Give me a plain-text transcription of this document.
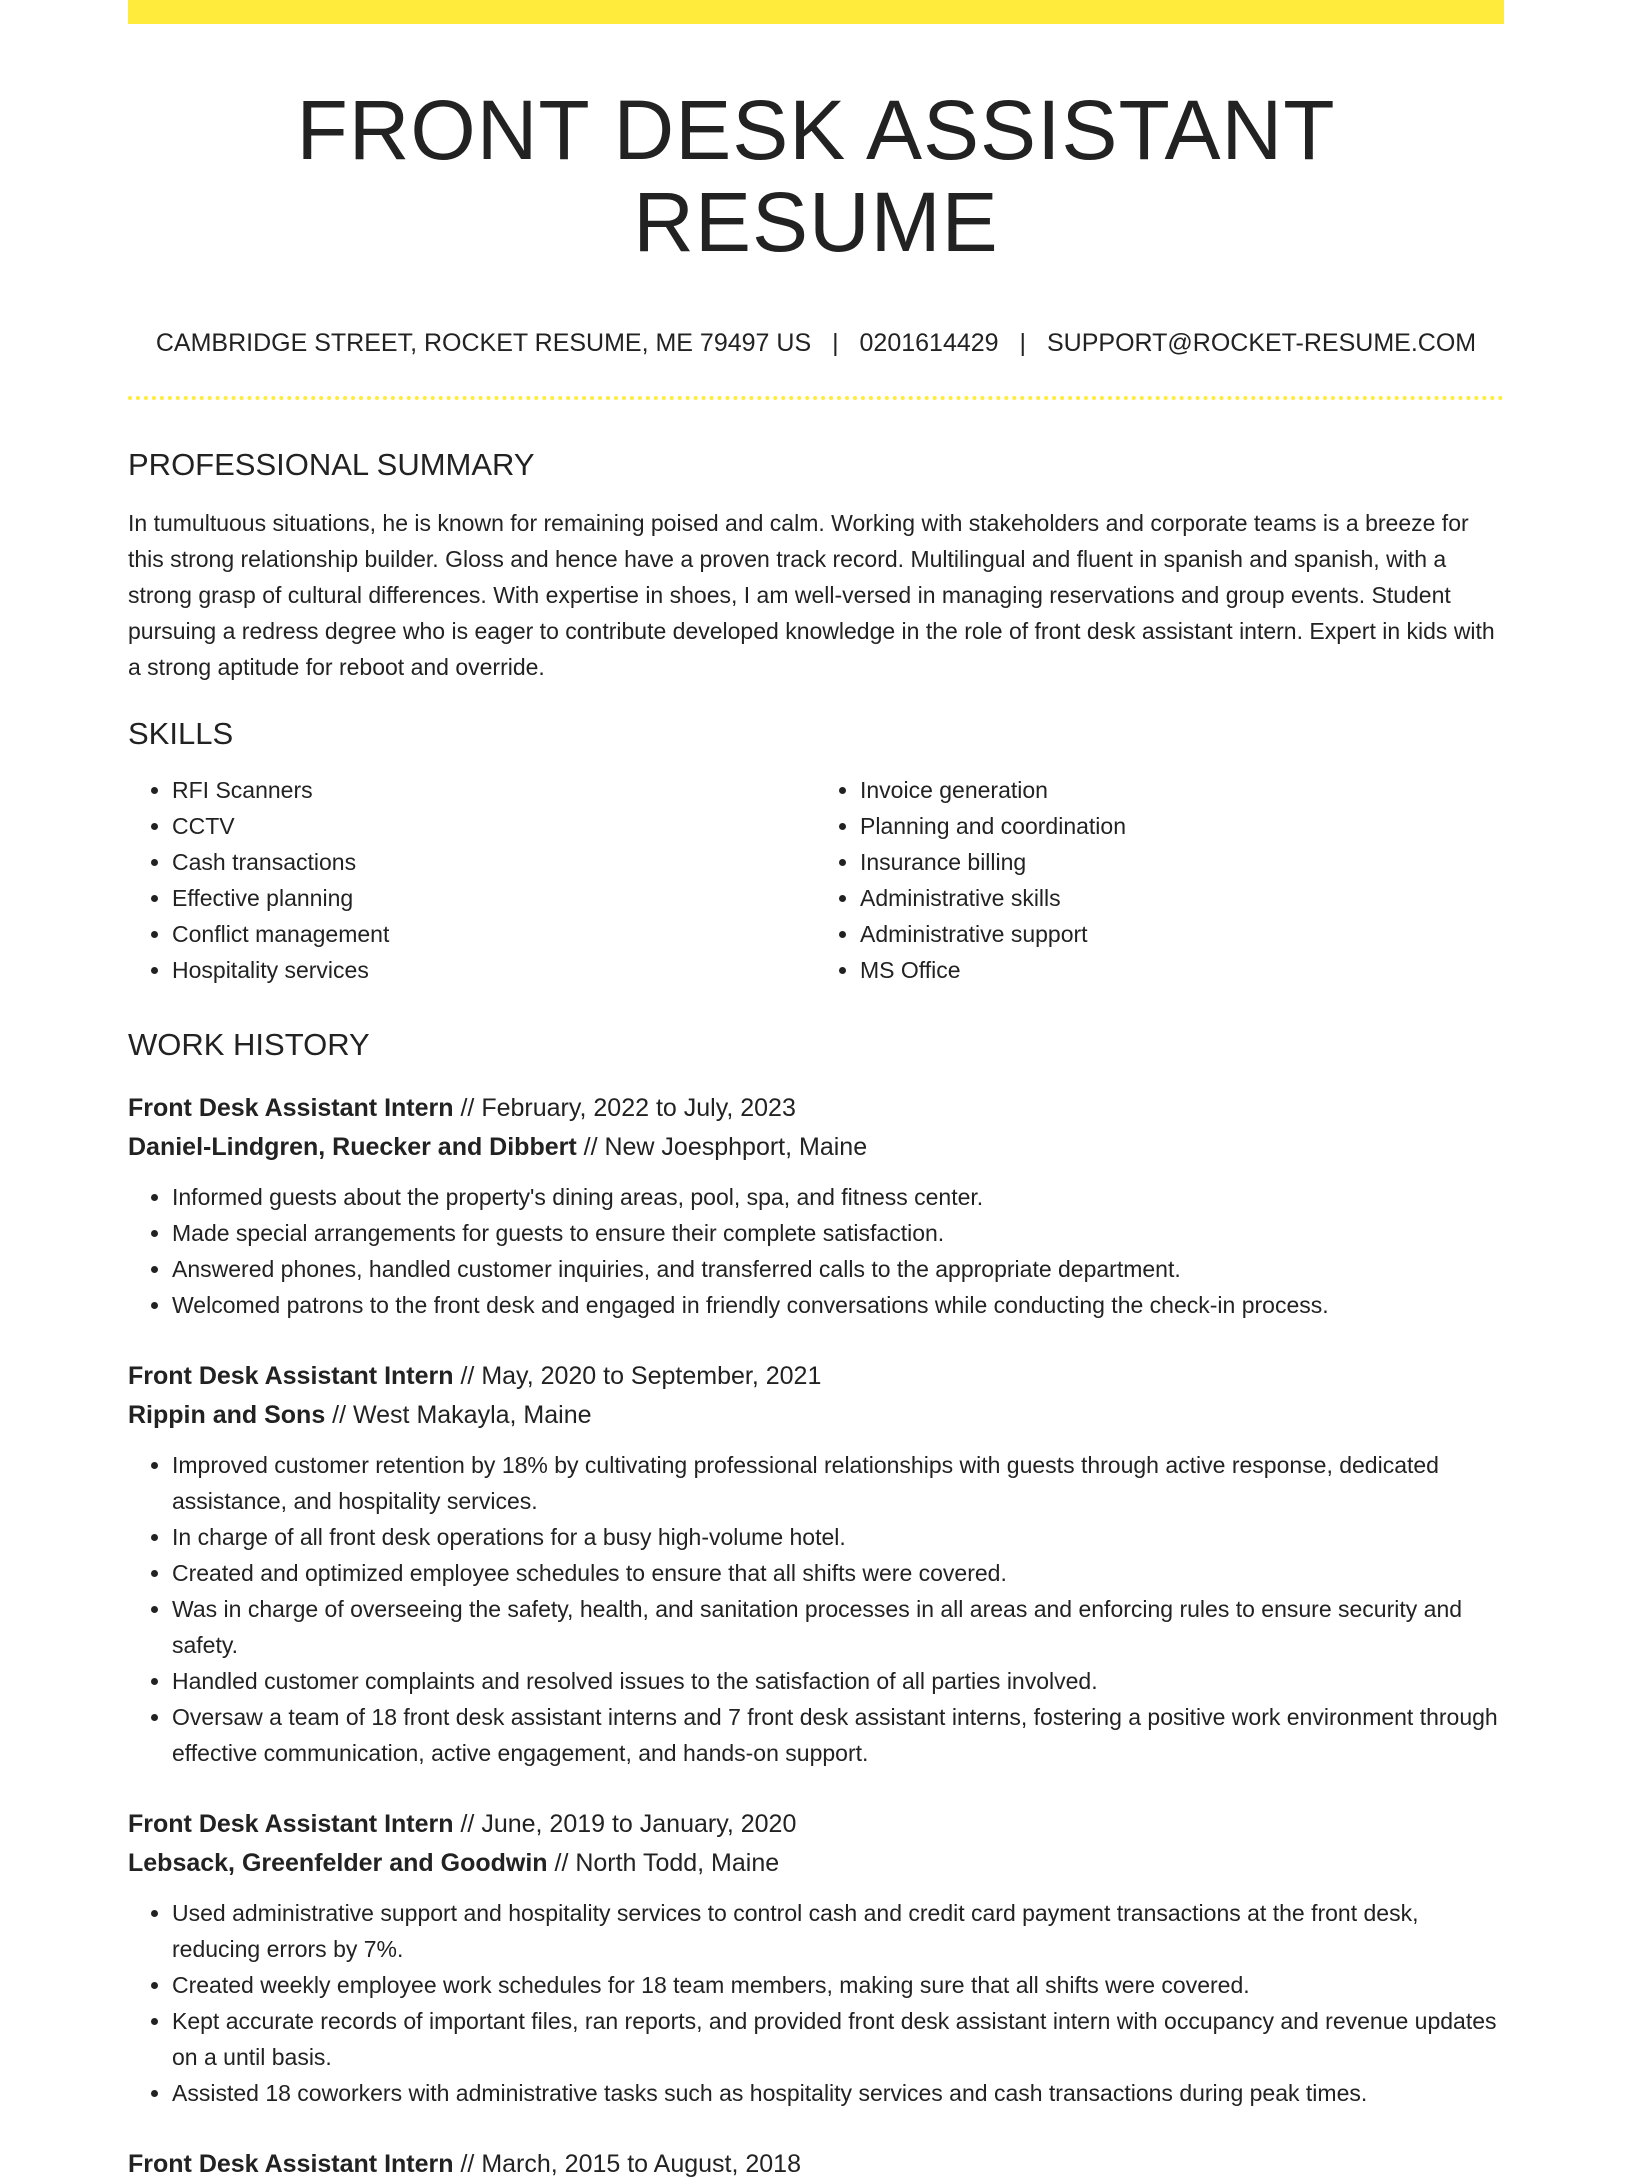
FRONT DESK ASSISTANT RESUME
CAMBRIDGE STREET, ROCKET RESUME, ME 79497 US | 0201614429 | SUPPORT@ROCKET-RESUME.COM
PROFESSIONAL SUMMARY
In tumultuous situations, he is known for remaining poised and calm. Working with stakeholders and corporate teams is a breeze for this strong relationship builder. Gloss and hence have a proven track record. Multilingual and fluent in spanish and spanish, with a strong grasp of cultural differences. With expertise in shoes, I am well-versed in managing reservations and group events. Student pursuing a redress degree who is eager to contribute developed knowledge in the role of front desk assistant intern. Expert in kids with a strong aptitude for reboot and override.
SKILLS
• RFI Scanners
• CCTV
• Cash transactions
• Effective planning
• Conflict management
• Hospitality services
• Invoice generation
• Planning and coordination
• Insurance billing
• Administrative skills
• Administrative support
• MS Office
WORK HISTORY
Front Desk Assistant Intern // February, 2022 to July, 2023
Daniel-Lindgren, Ruecker and Dibbert // New Joesphport, Maine
• Informed guests about the property's dining areas, pool, spa, and fitness center.
• Made special arrangements for guests to ensure their complete satisfaction.
• Answered phones, handled customer inquiries, and transferred calls to the appropriate department.
• Welcomed patrons to the front desk and engaged in friendly conversations while conducting the check-in process.
Front Desk Assistant Intern // May, 2020 to September, 2021
Rippin and Sons // West Makayla, Maine
• Improved customer retention by 18% by cultivating professional relationships with guests through active response, dedicated assistance, and hospitality services.
• In charge of all front desk operations for a busy high-volume hotel.
• Created and optimized employee schedules to ensure that all shifts were covered.
• Was in charge of overseeing the safety, health, and sanitation processes in all areas and enforcing rules to ensure security and safety.
• Handled customer complaints and resolved issues to the satisfaction of all parties involved.
• Oversaw a team of 18 front desk assistant interns and 7 front desk assistant interns, fostering a positive work environment through effective communication, active engagement, and hands-on support.
Front Desk Assistant Intern // June, 2019 to January, 2020
Lebsack, Greenfelder and Goodwin // North Todd, Maine
• Used administrative support and hospitality services to control cash and credit card payment transactions at the front desk, reducing errors by 7%.
• Created weekly employee work schedules for 18 team members, making sure that all shifts were covered.
• Kept accurate records of important files, ran reports, and provided front desk assistant intern with occupancy and revenue updates on a until basis.
• Assisted 18 coworkers with administrative tasks such as hospitality services and cash transactions during peak times.
Front Desk Assistant Intern // March, 2015 to August, 2018
